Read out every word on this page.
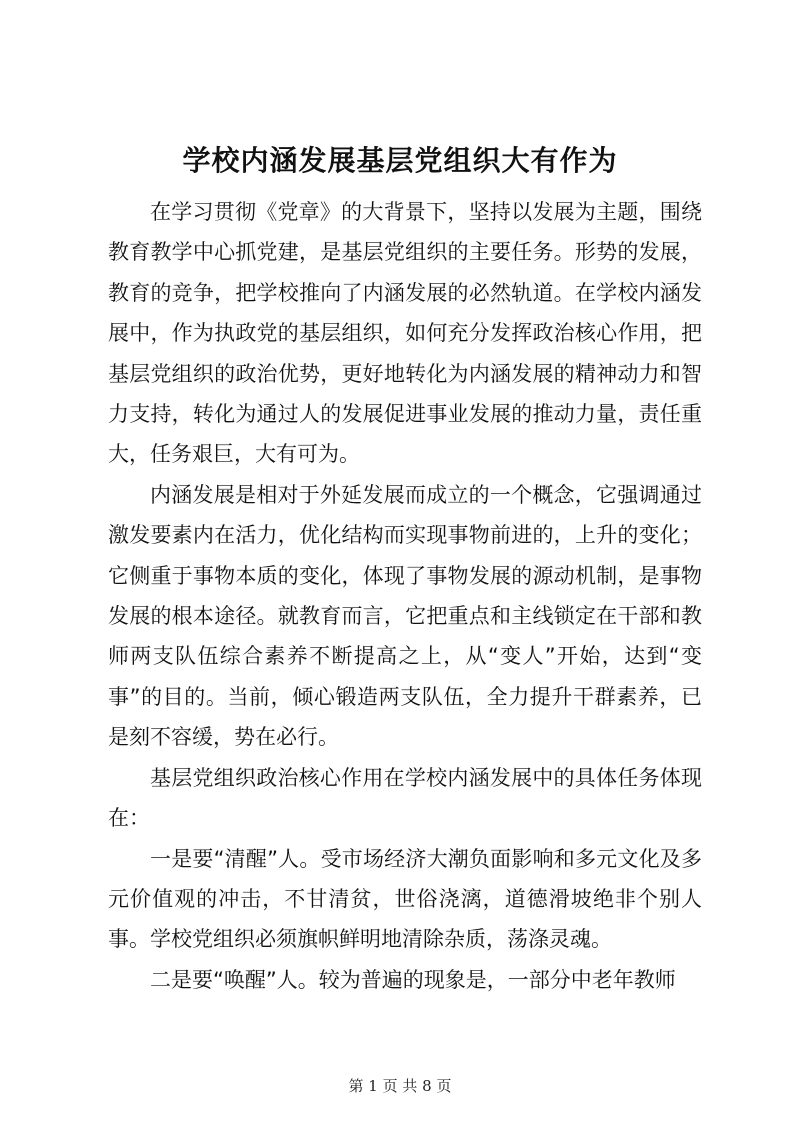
学校内涵发展基层党组织大有作为

在学习贯彻《党章》的大背景下，坚持以发展为主题，围绕教育教学中心抓党建，是基层党组织的主要任务。形势的发展，教育的竞争，把学校推向了内涵发展的必然轨道。在学校内涵发展中，作为执政党的基层组织，如何充分发挥政治核心作用，把基层党组织的政治优势，更好地转化为内涵发展的精神动力和智力支持，转化为通过人的发展促进事业发展的推动力量，责任重大，任务艰巨，大有可为。

内涵发展是相对于外延发展而成立的一个概念，它强调通过激发要素内在活力，优化结构而实现事物前进的，上升的变化；它侧重于事物本质的变化，体现了事物发展的源动机制，是事物发展的根本途径。就教育而言，它把重点和主线锁定在干部和教师两支队伍综合素养不断提高之上，从“变人”开始，达到“变事”的目的。当前，倾心锻造两支队伍，全力提升干群素养，已是刻不容缓，势在必行。

基层党组织政治核心作用在学校内涵发展中的具体任务体现在：

一是要“清醒”人。受市场经济大潮负面影响和多元文化及多元价值观的冲击，不甘清贫，世俗浇漓，道德滑坡绝非个别人事。学校党组织必须旗帜鲜明地清除杂质，荡涤灵魂。

二是要“唤醒”人。较为普遍的现象是，一部分中老年教师

第 1 页 共 8 页
